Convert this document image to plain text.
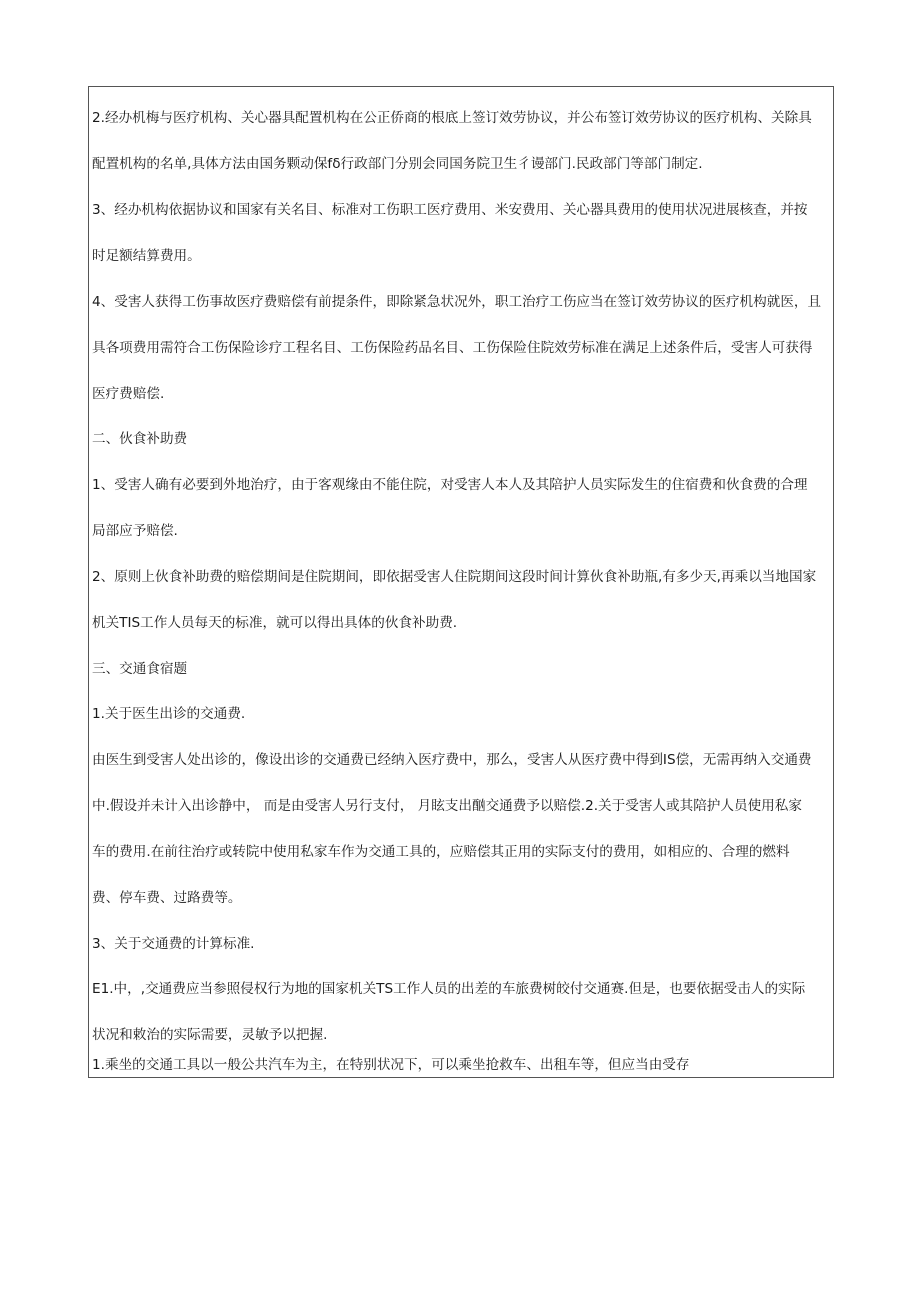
2.经办机梅与医疗机构、关心器具配置机构在公正侨商的根底上签订效劳协议，并公布签订效劳协议的医疗机构、关除具
配置机构的名单,具体方法由国务颗动保fδ行政部门分别会同国务院卫生彳谩部门.民政部门等部门制定.
3、经办机构依据协议和国家有关名目、标准对工伤职工医疗费用、米安费用、关心器具费用的使用状况进展核查，并按
时足额结算费用。
4、受害人获得工伤事故医疗费赔偿有前提条件，即除紧急状况外，职工治疗工伤应当在签订效劳协议的医疗机构就医，且
具各项费用需符合工伤保险诊疗工程名目、工伤保险药品名目、工伤保险住院效劳标准在满足上述条件后，受害人可获得
医疗费赔偿.
二、伙食补助费
1、受害人确有必要到外地治疗，由于客观缘由不能住院，对受害人本人及其陪护人员实际发生的住宿费和伙食费的合理
局部应予赔偿.
2、原则上伙食补助费的赔偿期间是住院期间，即依据受害人住院期间这段时间计算伙食补助瓶,有多少天,再乘以当地国家
机关TIS工作人员每天的标准，就可以得出具体的伙食补助费.
三、交通食宿题
1.关于医生出诊的交通费.
由医生到受害人处出诊的，像设出诊的交通费已经纳入医疗费中，那么，受害人从医疗费中得到IS偿，无需再纳入交通费
中.假设并未计入出诊静中， 而是由受害人另行支付， 月眩支出酗交通费予以赔偿.2.关于受害人或其陪护人员使用私家
车的费用.在前往治疗或转院中使用私家车作为交通工具的，应赔偿其正用的实际支付的费用，如相应的、合理的燃料
费、停车费、过路费等。
3、关于交通费的计算标准.
E1.中，,交通费应当参照侵权行为地的国家机关TS工作人员的出差的车旅费树皎付交通赛.但是，也要依据受击人的实际
状况和敕治的实际需要，灵敏予以把握.
1.乘坐的交通工具以一般公共汽车为主，在特别状况下，可以乘坐抢救车、出租车等，但应当由受存
